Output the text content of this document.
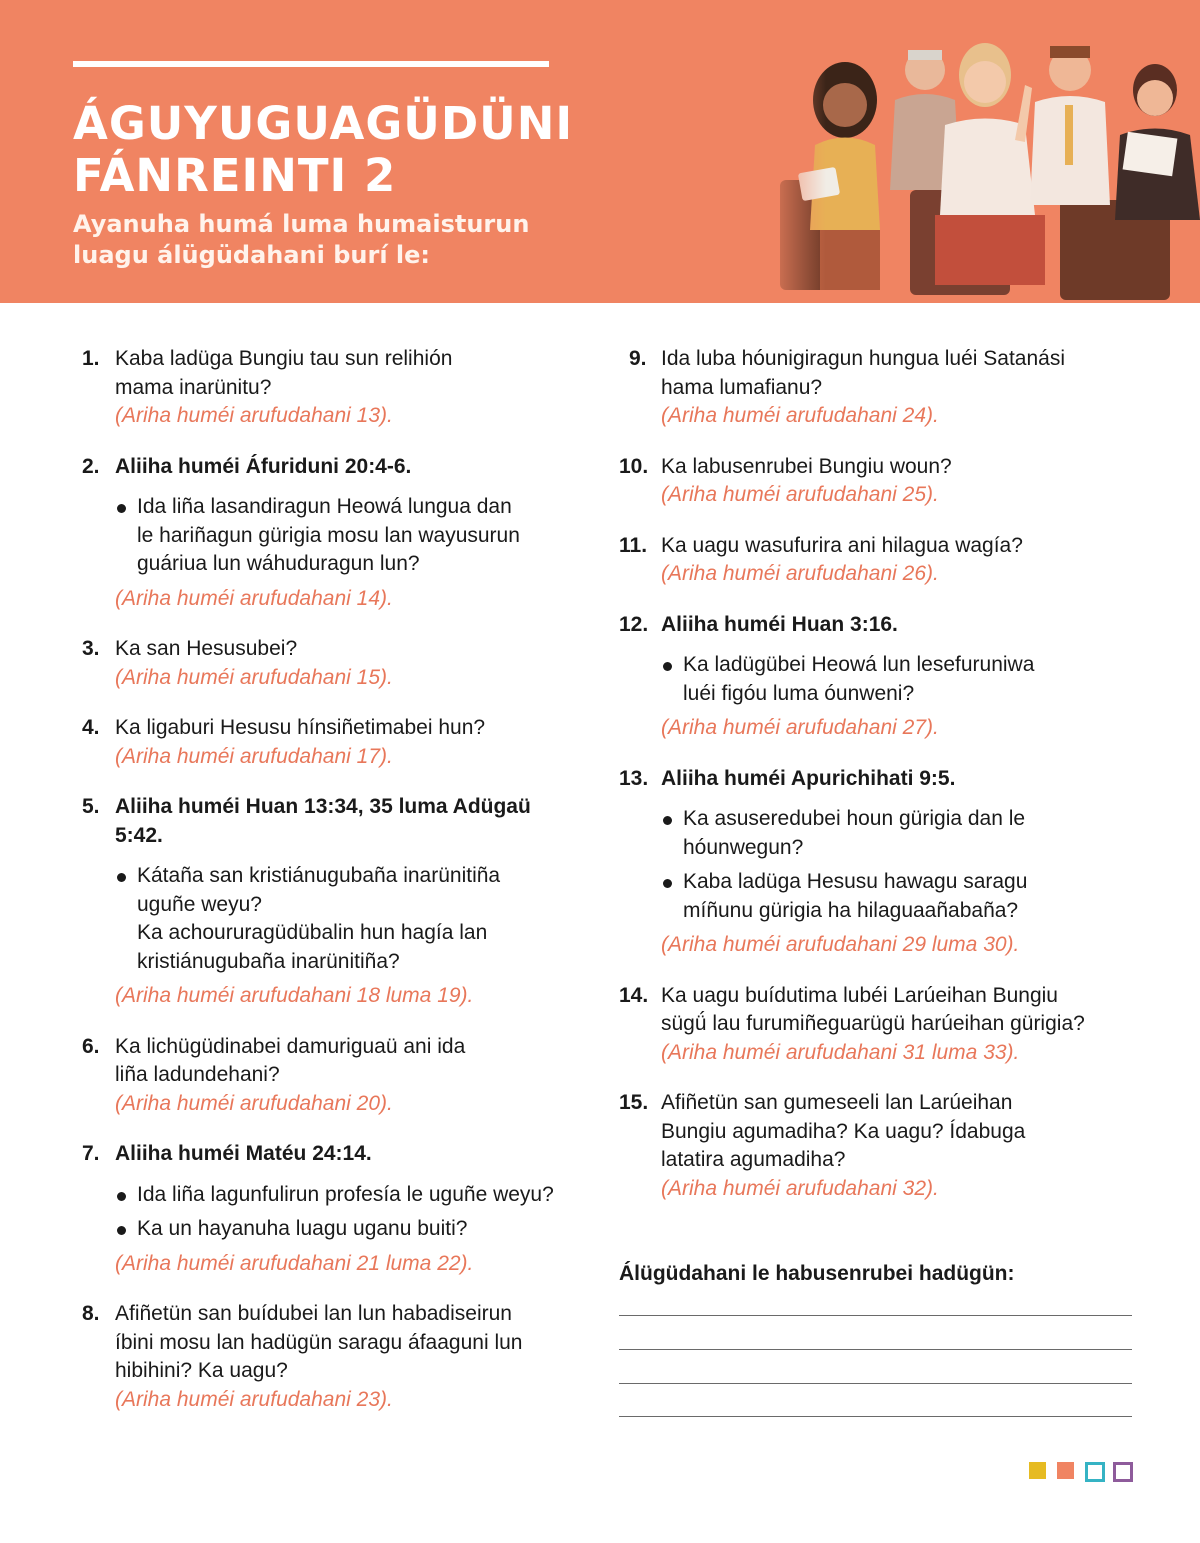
ÁGUYUGUAGÜDÜNI
FÁNREINTI 2

Ayanuha humá luma humaisturun
luagu álügüdahani burí le:

1. Kaba ladüga Bungiu tau sun relihión
mama inarünitu?
(Ariha huméi arufudahani 13).
2. Aliiha huméi Áfuriduni 20:4-6.
Ida liña lasandiragun Heowá lungua dan
le hariñagun gürigia mosu lan wayusurun
guáriua lun wáhuduragun lun?
(Ariha huméi arufudahani 14).
3. Ka san Hesusubei?
(Ariha huméi arufudahani 15).
4. Ka ligaburi Hesusu hínsiñetimabei hun?
(Ariha huméi arufudahani 17).
5. Aliiha huméi Huan 13:34, 35 luma Adügaü
5:42.
Kátaña san kristiánugubaña inarünitiña
uguñe weyu?
Ka achoururagüdübalin hun hagía lan
kristiánugubaña inarünitiña?
(Ariha huméi arufudahani 18 luma 19).
6. Ka lichügüdinabei damuriguaü ani ida
liña ladundehani?
(Ariha huméi arufudahani 20).
7. Aliiha huméi Matéu 24:14.
Ida liña lagunfulirun profesía le uguñe weyu?
Ka un hayanuha luagu uganu buiti?
(Ariha huméi arufudahani 21 luma 22).
8. Afiñetün san buídubei lan lun habadiseirun
íbini mosu lan hadügün saragu áfaaguni lun
hibihini? Ka uagu?
(Ariha huméi arufudahani 23).
9. Ida luba hóunigiragun hungua luéi Satanási
hama lumafianu?
(Ariha huméi arufudahani 24).
10. Ka labusenrubei Bungiu woun?
(Ariha huméi arufudahani 25).
11. Ka uagu wasufurira ani hilagua wagía?
(Ariha huméi arufudahani 26).
12. Aliiha huméi Huan 3:16.
Ka ladügübei Heowá lun lesefuruniwa
luéi figóu luma óunweni?
(Ariha huméi arufudahani 27).
13. Aliiha huméi Apurichihati 9:5.
Ka asuseredubei houn gürigia dan le
hóunwegun?
Kaba ladüga Hesusu hawagu saragu
míñunu gürigia ha hilaguaañabaña?
(Ariha huméi arufudahani 29 luma 30).
14. Ka uagu buídutima lubéi Larúeihan Bungiu
sügǘ lau furumiñeguarügü harúeihan gürigia?
(Ariha huméi arufudahani 31 luma 33).
15. Afiñetün san gumeseeli lan Larúeihan
Bungiu agumadiha? Ka uagu? Ídabuga
latatira agumadiha?
(Ariha huméi arufudahani 32).
Álügüdahani le habusenrubei hadügün:
